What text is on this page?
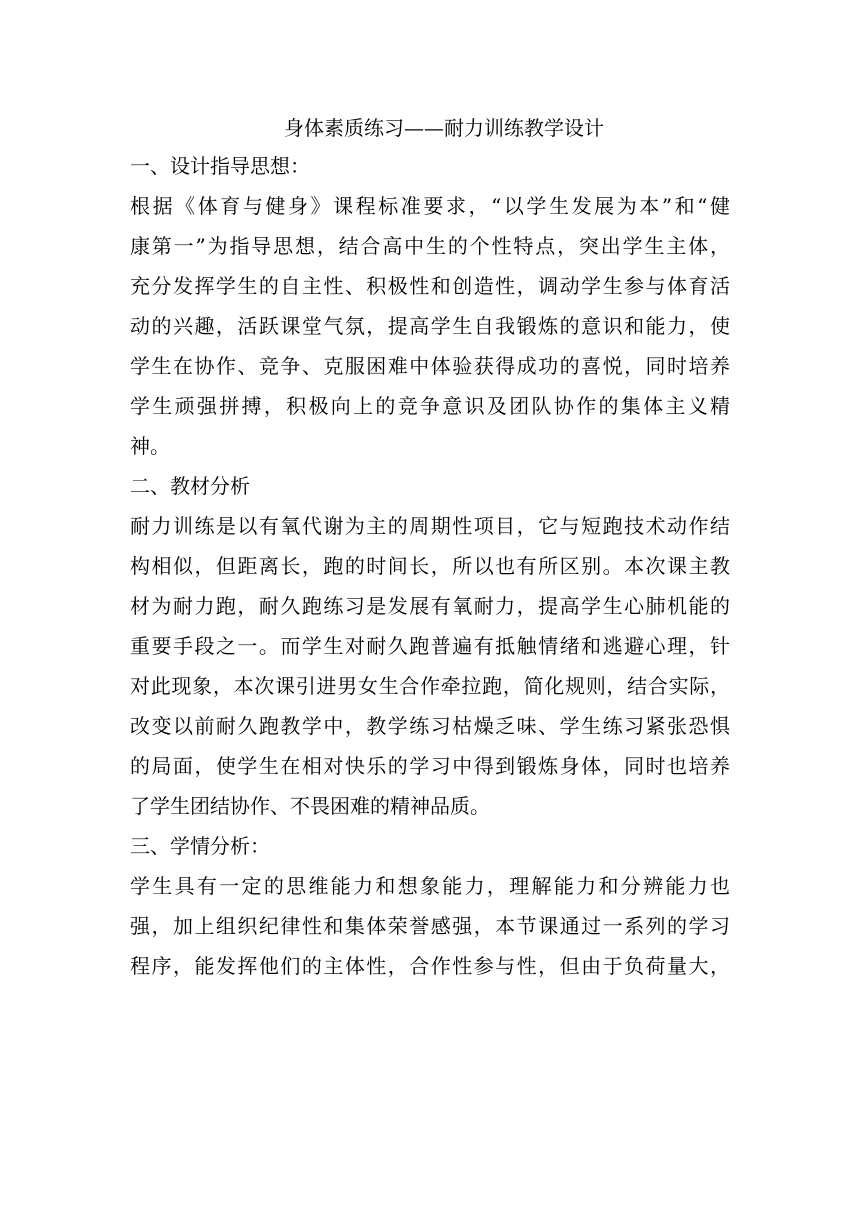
身体素质练习——耐力训练教学设计
一、设计指导思想：
根据《体育与健身》课程标准要求，“以学生发展为本”和“健
康第一”为指导思想，结合高中生的个性特点，突出学生主体，
充分发挥学生的自主性、积极性和创造性，调动学生参与体育活
动的兴趣，活跃课堂气氛，提高学生自我锻炼的意识和能力，使
学生在协作、竞争、克服困难中体验获得成功的喜悦，同时培养
学生顽强拼搏，积极向上的竞争意识及团队协作的集体主义精
神。
二、教材分析
耐力训练是以有氧代谢为主的周期性项目，它与短跑技术动作结
构相似，但距离长，跑的时间长，所以也有所区别。本次课主教
材为耐力跑，耐久跑练习是发展有氧耐力，提高学生心肺机能的
重要手段之一。而学生对耐久跑普遍有抵触情绪和逃避心理，针
对此现象，本次课引进男女生合作牵拉跑，简化规则，结合实际，
改变以前耐久跑教学中，教学练习枯燥乏味、学生练习紧张恐惧
的局面，使学生在相对快乐的学习中得到锻炼身体，同时也培养
了学生团结协作、不畏困难的精神品质。
三、学情分析：
学生具有一定的思维能力和想象能力，理解能力和分辨能力也
强，加上组织纪律性和集体荣誉感强，本节课通过一系列的学习
程序，能发挥他们的主体性，合作性参与性，但由于负荷量大，
